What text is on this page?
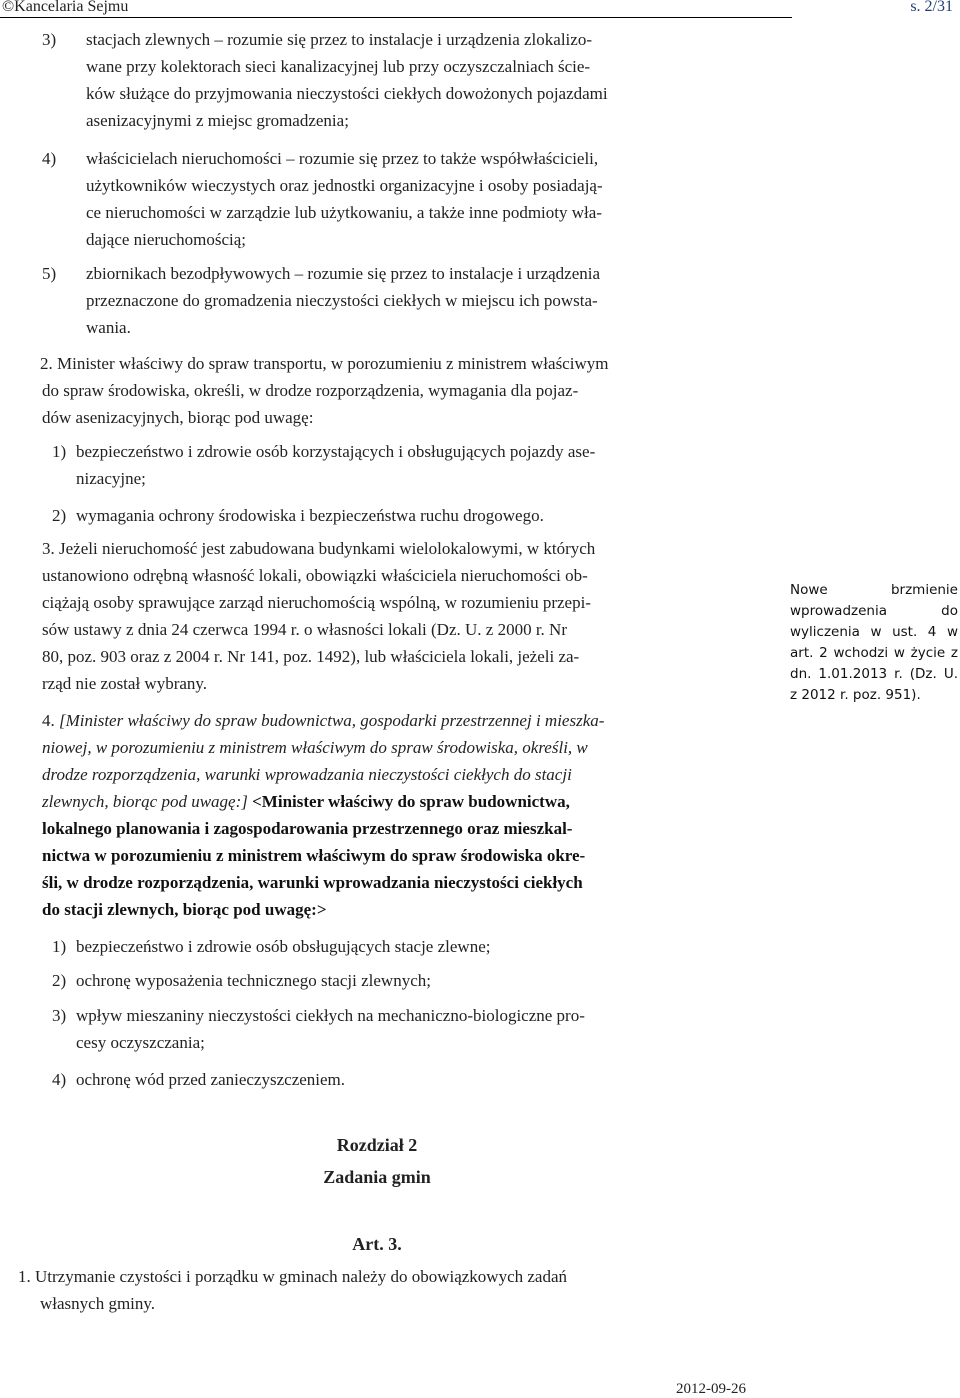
©Kancelaria Sejmu	s. 2/31
3) stacjach zlewnych – rozumie się przez to instalacje i urządzenia zlokalizo-
wane przy kolektorach sieci kanalizacyjnej lub przy oczyszczalniach ście-
ków służące do przyjmowania nieczystości ciekłych dowożonych pojazdami
asenizacyjnymi z miejsc gromadzenia;
4) właścicielach nieruchomości – rozumie się przez to także współwłaścicieli,
użytkowników wieczystych oraz jednostki organizacyjne i osoby posiadają-
ce nieruchomości w zarządzie lub użytkowaniu, a także inne podmioty wła-
dające nieruchomością;
5) zbiornikach bezodpływowych – rozumie się przez to instalacje i urządzenia
przeznaczone do gromadzenia nieczystości ciekłych w miejscu ich powsta-
wania.
2. Minister właściwy do spraw transportu, w porozumieniu z ministrem właściwym
do spraw środowiska, określi, w drodze rozporządzenia, wymagania dla pojaz-
dów asenizacyjnych, biorąc pod uwagę:
1) bezpieczeństwo i zdrowie osób korzystających i obsługujących pojazdy ase-
nizacyjne;
2) wymagania ochrony środowiska i bezpieczeństwa ruchu drogowego.
3. Jeżeli nieruchomość jest zabudowana budynkami wielolokalowymi, w których
ustanowiono odrębną własność lokali, obowiązki właściciela nieruchomości ob-
ciążają osoby sprawujące zarząd nieruchomością wspólną, w rozumieniu przepi-
sów ustawy z dnia 24 czerwca 1994 r. o własności lokali (Dz. U. z 2000 r. Nr
80, poz. 903 oraz z 2004 r. Nr 141, poz. 1492), lub właściciela lokali, jeżeli za-
rząd nie został wybrany.
4. [Minister właściwy do spraw budownictwa, gospodarki przestrzennej i mieszka-
niowej, w porozumieniu z ministrem właściwym do spraw środowiska, określi, w
drodze rozporządzenia, warunki wprowadzania nieczystości ciekłych do stacji
zlewnych, biorąc pod uwagę:] <Minister właściwy do spraw budownictwa,
lokalnego planowania i zagospodarowania przestrzennego oraz mieszkal-
nictwa w porozumieniu z ministrem właściwym do spraw środowiska okre-
śli, w drodze rozporządzenia, warunki wprowadzania nieczystości ciekłych
do stacji zlewnych, biorąc pod uwagę:>
1) bezpieczeństwo i zdrowie osób obsługujących stacje zlewne;
2) ochronę wyposażenia technicznego stacji zlewnych;
3) wpływ mieszaniny nieczystości ciekłych na mechaniczno-biologiczne pro-
cesy oczyszczania;
4) ochronę wód przed zanieczyszczeniem.
Rozdział 2
Zadania gmin
Art. 3.
1. Utrzymanie czystości i porządku w gminach należy do obowiązkowych zadań
własnych gminy.
Nowe brzmienie wprowadzenia do wyliczenia w ust. 4 w art. 2 wchodzi w życie z dn. 1.01.2013 r. (Dz. U. z 2012 r. poz. 951).
2012-09-26
